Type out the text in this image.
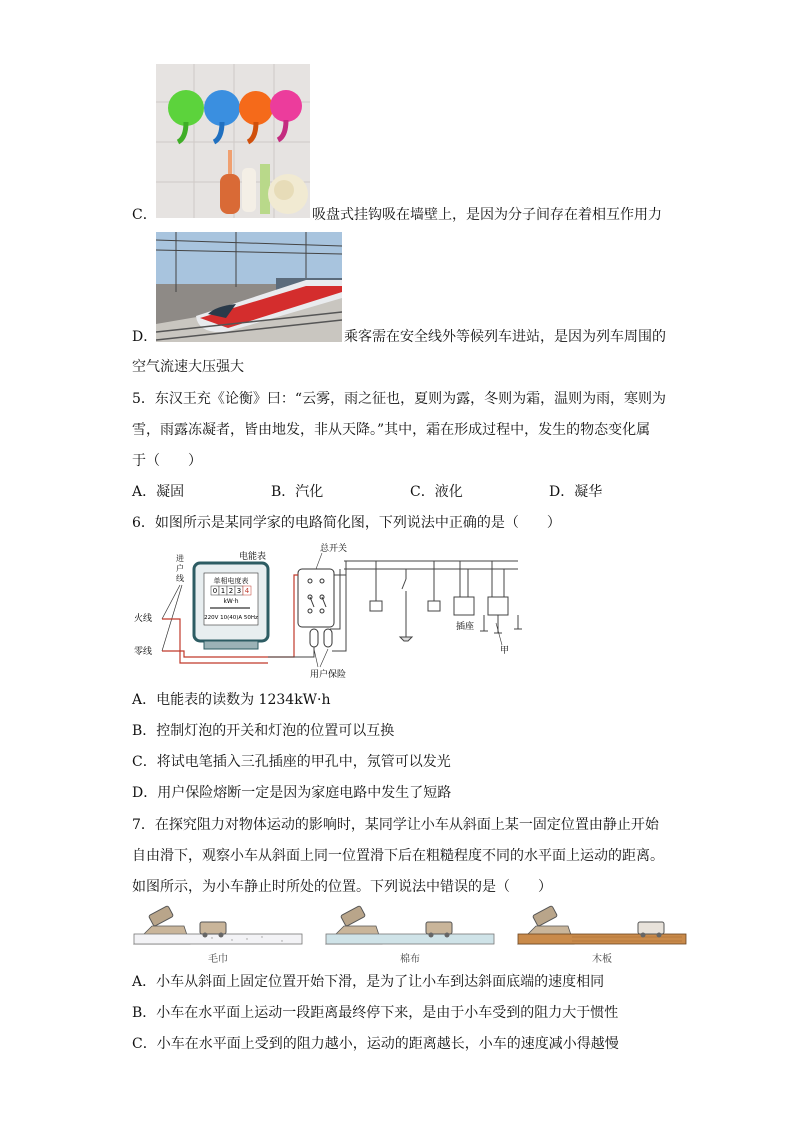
C．	吸盘式挂钩吸在墙壁上，是因为分子间存在着相互作用力
D．	乘客需在安全线外等候列车进站，是因为列车周围的
空气流速大压强大
5．东汉王充《论衡》曰：“云雾，雨之征也，夏则为露，冬则为霜，温则为雨，寒则为
雪，雨露冻凝者，皆由地发，非从天降。”其中，霜在形成过程中，发生的物态变化属
于（　　）
A．凝固	B．汽化	C．液化	D．凝华
6．如图所示是某同学家的电路简化图，下列说法中正确的是（　　）
进
户
线
电能表
总开关
火线
零线
单相电度表
0 1 2 3 4
kW·h
220V 10(40)A 50Hz
用户保险
插座
甲
A．电能表的读数为 1234kW·h
B．控制灯泡的开关和灯泡的位置可以互换
C．将试电笔插入三孔插座的甲孔中，氖管可以发光
D．用户保险熔断一定是因为家庭电路中发生了短路
7．在探究阻力对物体运动的影响时，某同学让小车从斜面上某一固定位置由静止开始
自由滑下，观察小车从斜面上同一位置滑下后在粗糙程度不同的水平面上运动的距离。
如图所示，为小车静止时所处的位置。下列说法中错误的是（　　）
毛巾	棉布	木板
A．小车从斜面上固定位置开始下滑，是为了让小车到达斜面底端的速度相同
B．小车在水平面上运动一段距离最终停下来，是由于小车受到的阻力大于惯性
C．小车在水平面上受到的阻力越小，运动的距离越长，小车的速度减小得越慢
